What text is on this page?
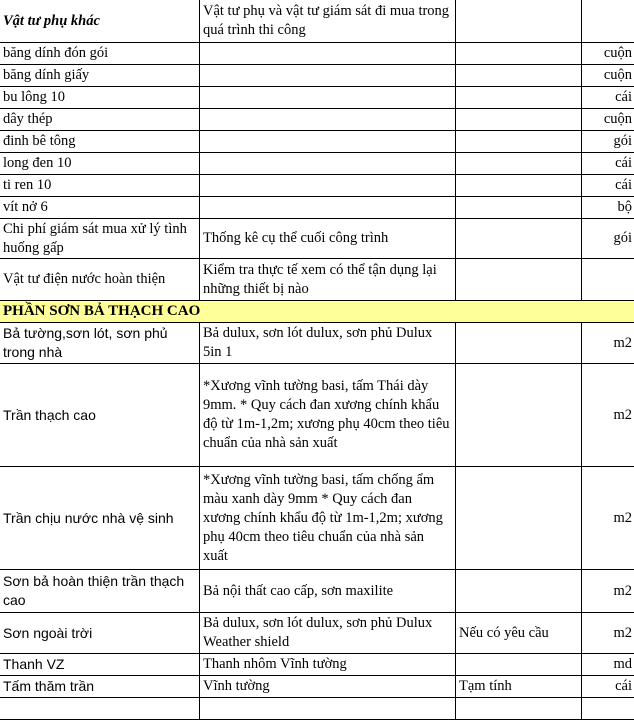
Vật tư phụ khác	Vật tư phụ và vật tư giám sát đi mua trong quá trình thi công		
băng dính đón gói			cuộn
băng dính giấy			cuộn
bu lông 10			cái
dây thép			cuộn
đinh bê tông			gói
long đen 10			cái
ti ren 10			cái
vít nở 6			bộ
Chi phí giám sát mua xử lý tình huống gấp	Thống kê cụ thể cuối công trình		gói
Vật tư điện nước hoàn thiện	Kiểm tra thực tế xem có thể tận dụng lại những thiết bị nào		
PHẦN SƠN BẢ THẠCH CAO			
Bả tường,sơn lót, sơn phủ trong nhà	Bả dulux, sơn lót dulux, sơn phủ Dulux 5in 1		m2
Trần thạch cao	*Xương vĩnh tường basi, tấm Thái dày 9mm. * Quy cách đan xương chính khẩu độ từ 1m-1,2m; xương phụ 40cm theo tiêu chuẩn của nhà sản xuất		m2
Trần chịu nước nhà vệ sinh	*Xương vĩnh tường basi, tấm chống ẩm màu xanh dày 9mm * Quy cách đan xương chính khẩu độ từ 1m-1,2m; xương phụ 40cm theo tiêu chuẩn của nhà sản xuất		m2
Sơn bả hoàn thiện trần thạch cao	Bả nội thất cao cấp, sơn maxilite		m2
Sơn ngoài trời	Bả dulux, sơn lót dulux, sơn phủ Dulux Weather shield	Nếu có yêu cầu	m2
Thanh VZ	Thanh nhôm Vĩnh tường		md
Tấm thăm trần	Vĩnh tường	Tạm tính	cái
